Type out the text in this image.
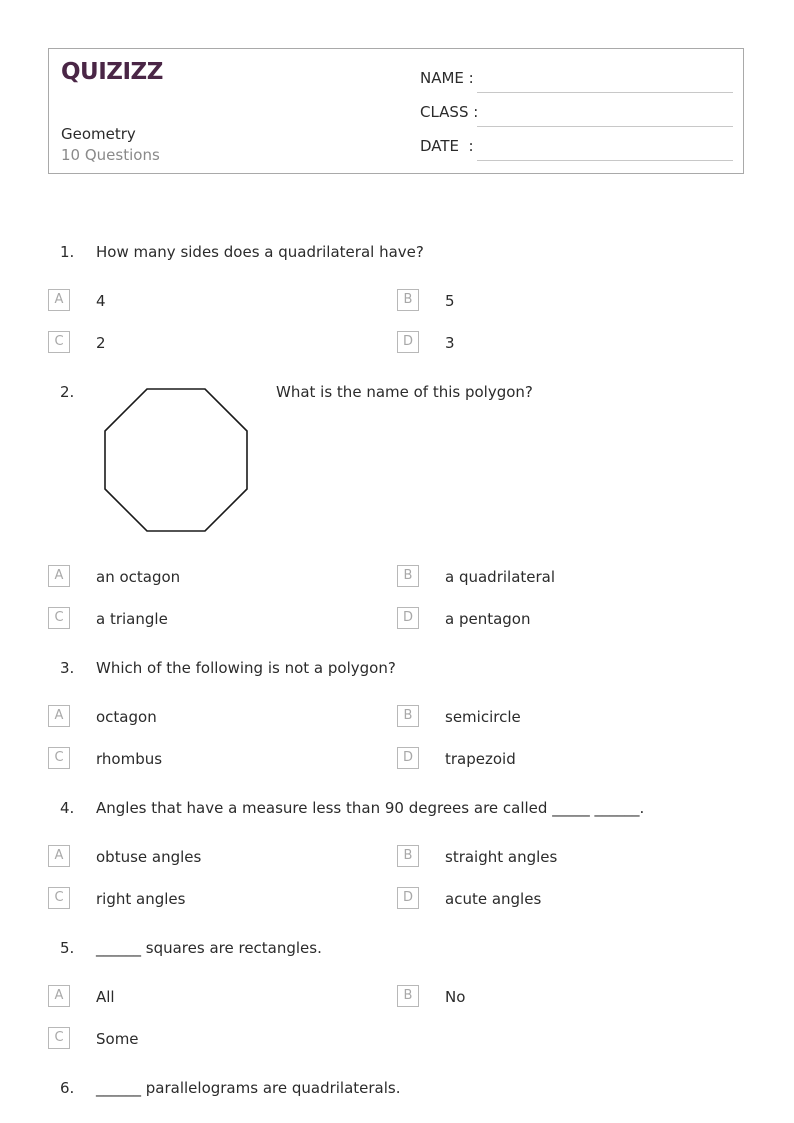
QUIZIZZ
Geometry
10 Questions
NAME :
CLASS :
DATE  :
1. How many sides does a quadrilateral have?
A	4	B	5
C	2	D	3
2.	What is the name of this polygon?
A	an octagon	B	a quadrilateral
C	a triangle	D	a pentagon
3. Which of the following is not a polygon?
A	octagon	B	semicircle
C	rhombus	D	trapezoid
4. Angles that have a measure less than 90 degrees are called _____ ______.
A	obtuse angles	B	straight angles
C	right angles	D	acute angles
5. ______ squares are rectangles.
A	All	B	No
C	Some
6. ______ parallelograms are quadrilaterals.
